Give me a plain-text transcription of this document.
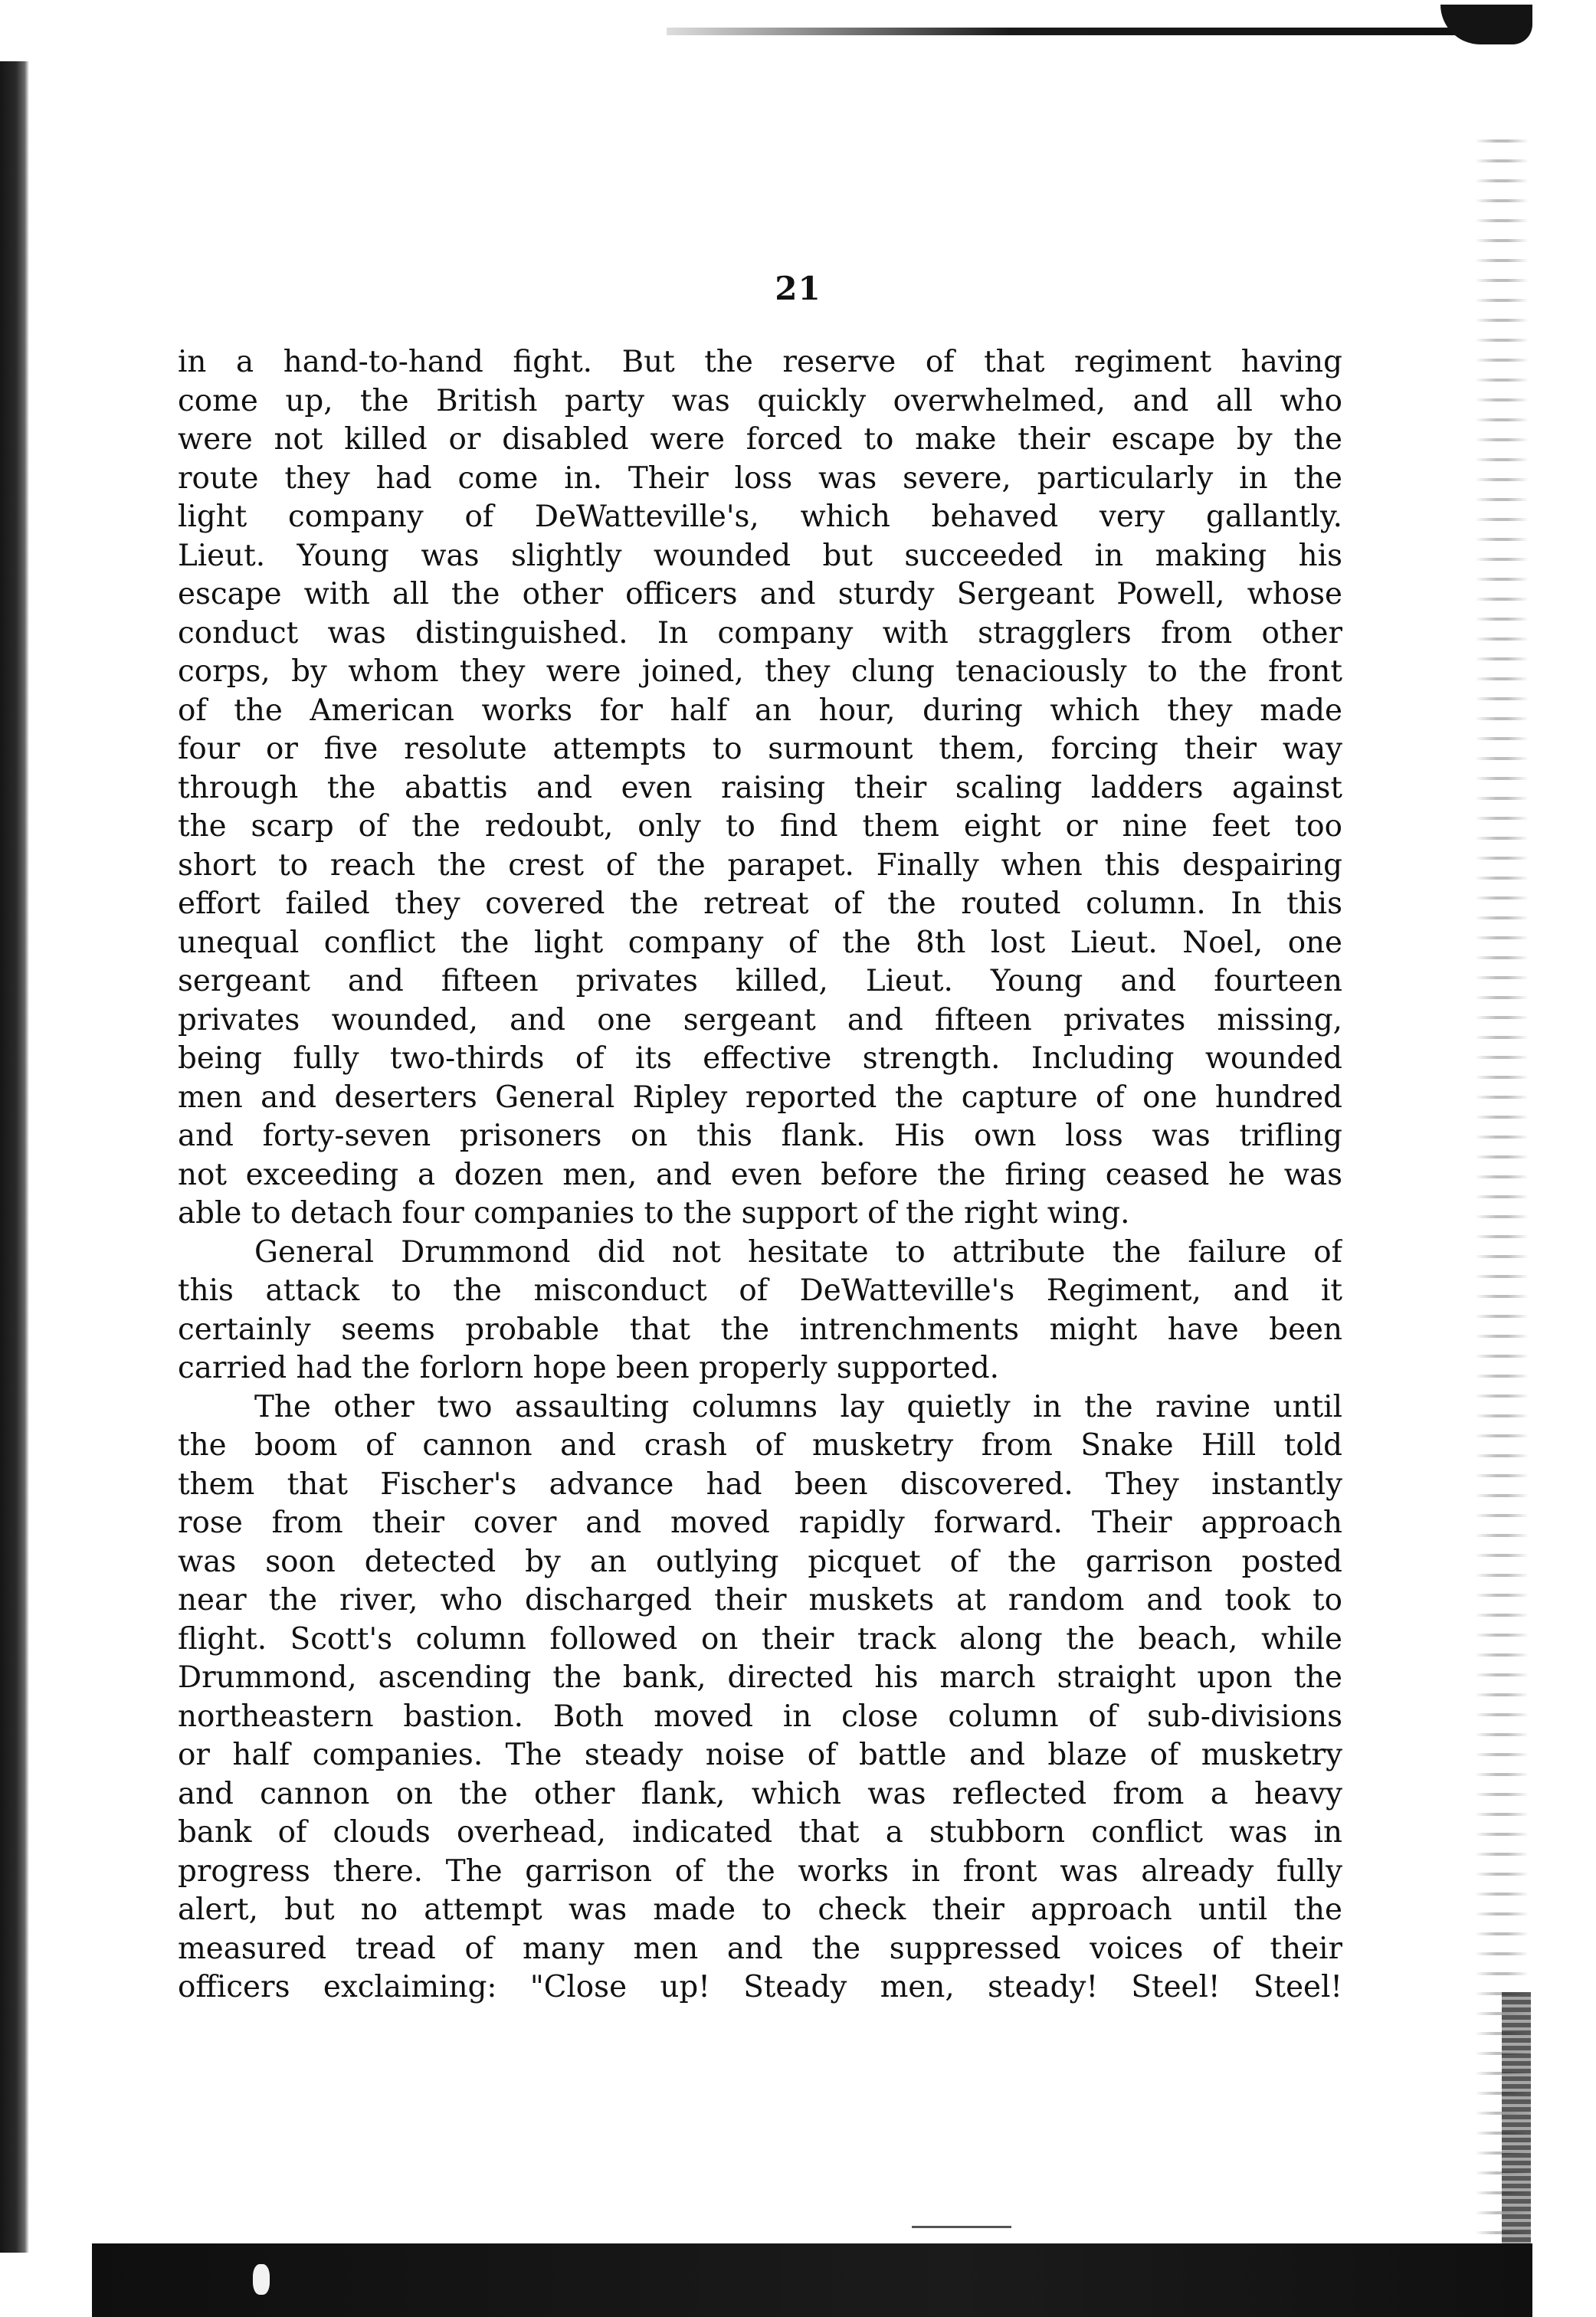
21
in a hand-to-hand fight. But the reserve of that regiment having
come up, the British party was quickly overwhelmed, and all who
were not killed or disabled were forced to make their escape by the
route they had come in. Their loss was severe, particularly in the
light company of DeWatteville's, which behaved very gallantly.
Lieut. Young was slightly wounded but succeeded in making his
escape with all the other officers and sturdy Sergeant Powell, whose
conduct was distinguished. In company with stragglers from other
corps, by whom they were joined, they clung tenaciously to the front
of the American works for half an hour, during which they made
four or five resolute attempts to surmount them, forcing their way
through the abattis and even raising their scaling ladders against
the scarp of the redoubt, only to find them eight or nine feet too
short to reach the crest of the parapet. Finally when this despairing
effort failed they covered the retreat of the routed column. In this
unequal conflict the light company of the 8th lost Lieut. Noel, one
sergeant and fifteen privates killed, Lieut. Young and fourteen
privates wounded, and one sergeant and fifteen privates missing,
being fully two-thirds of its effective strength. Including wounded
men and deserters General Ripley reported the capture of one hundred
and forty-seven prisoners on this flank. His own loss was trifling
not exceeding a dozen men, and even before the firing ceased he was
able to detach four companies to the support of the right wing.
General Drummond did not hesitate to attribute the failure of
this attack to the misconduct of DeWatteville's Regiment, and it
certainly seems probable that the intrenchments might have been
carried had the forlorn hope been properly supported.
The other two assaulting columns lay quietly in the ravine until
the boom of cannon and crash of musketry from Snake Hill told
them that Fischer's advance had been discovered. They instantly
rose from their cover and moved rapidly forward. Their approach
was soon detected by an outlying picquet of the garrison posted
near the river, who discharged their muskets at random and took to
flight. Scott's column followed on their track along the beach, while
Drummond, ascending the bank, directed his march straight upon the
northeastern bastion. Both moved in close column of sub-divisions
or half companies. The steady noise of battle and blaze of musketry
and cannon on the other flank, which was reflected from a heavy
bank of clouds overhead, indicated that a stubborn conflict was in
progress there. The garrison of the works in front was already fully
alert, but no attempt was made to check their approach until the
measured tread of many men and the suppressed voices of their
officers exclaiming: "Close up! Steady men, steady! Steel! Steel!
